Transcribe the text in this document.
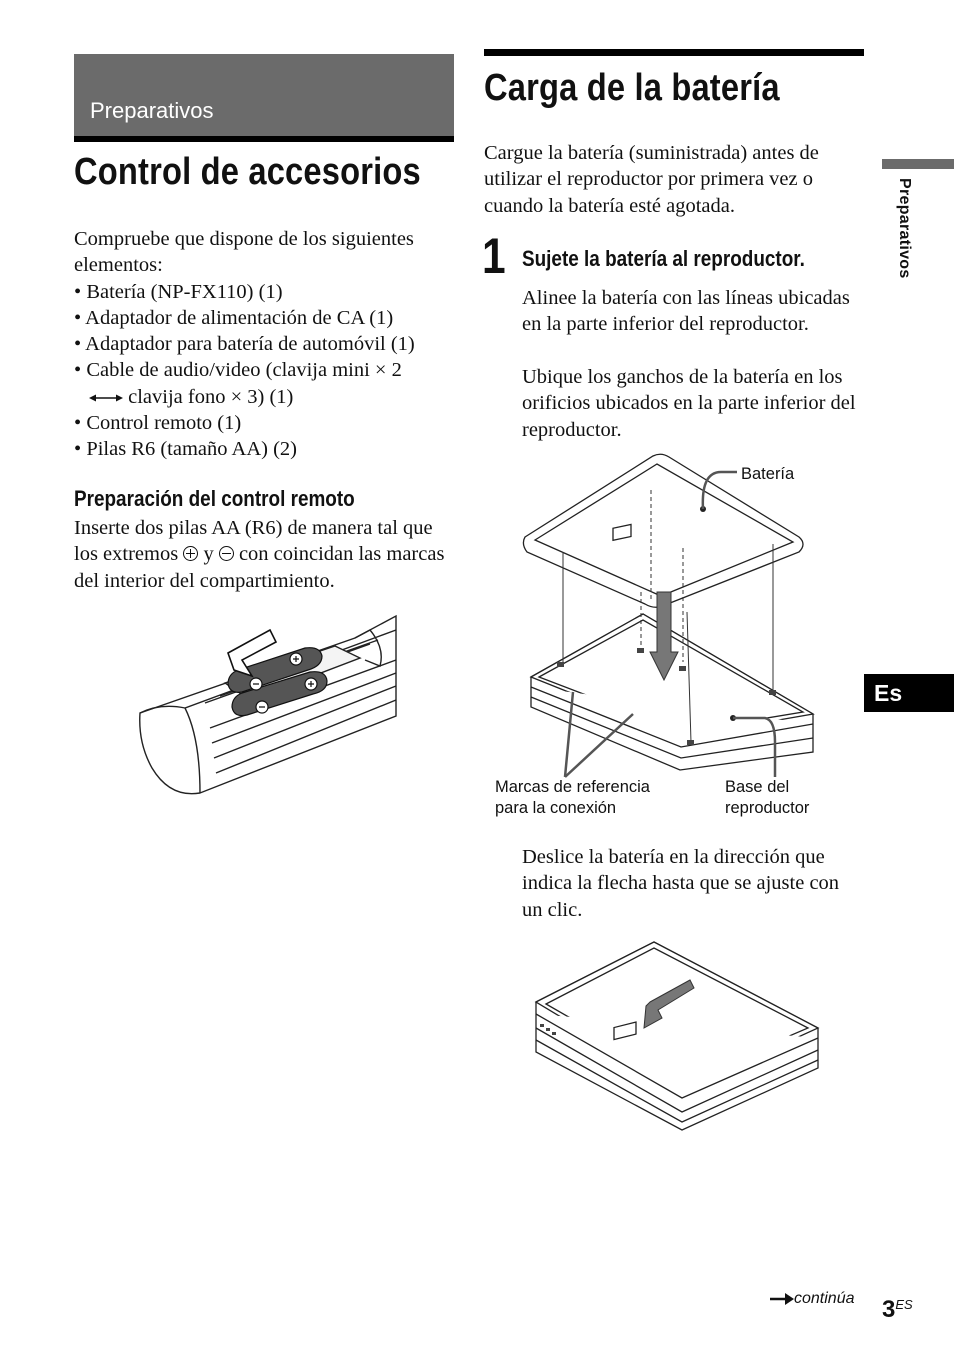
Preparativos
Control de accesorios

Compruebe que dispone de los siguientes elementos:

• Batería (NP-FX110) (1)
• Adaptador de alimentación de CA (1)
• Adaptador para batería de automóvil (1)
• Cable de audio/video (clavija mini × 2
clavija fono × 3) (1)
• Control remoto (1)
• Pilas R6 (tamaño AA) (2)
Preparación del control remoto

Inserte dos pilas AA (R6) de manera tal que los extremos y con coincidan las marcas del interior del compartimiento.

Carga de la batería

Cargue la batería (suministrada) antes de utilizar el reproductor por primera vez o cuando la batería esté agotada.

1 Sujete la batería al reproductor.

Alinee la batería con las líneas ubicadas en la parte inferior del reproductor.

Ubique los ganchos de la batería en los orificios ubicados en la parte inferior del reproductor.

Batería
Marcas de referencia
para la conexión
Base del
reproductor

Deslice la batería en la dirección que indica la flecha hasta que se ajuste con un clic.

Preparativos
Es
continúa $3^{ES}$
